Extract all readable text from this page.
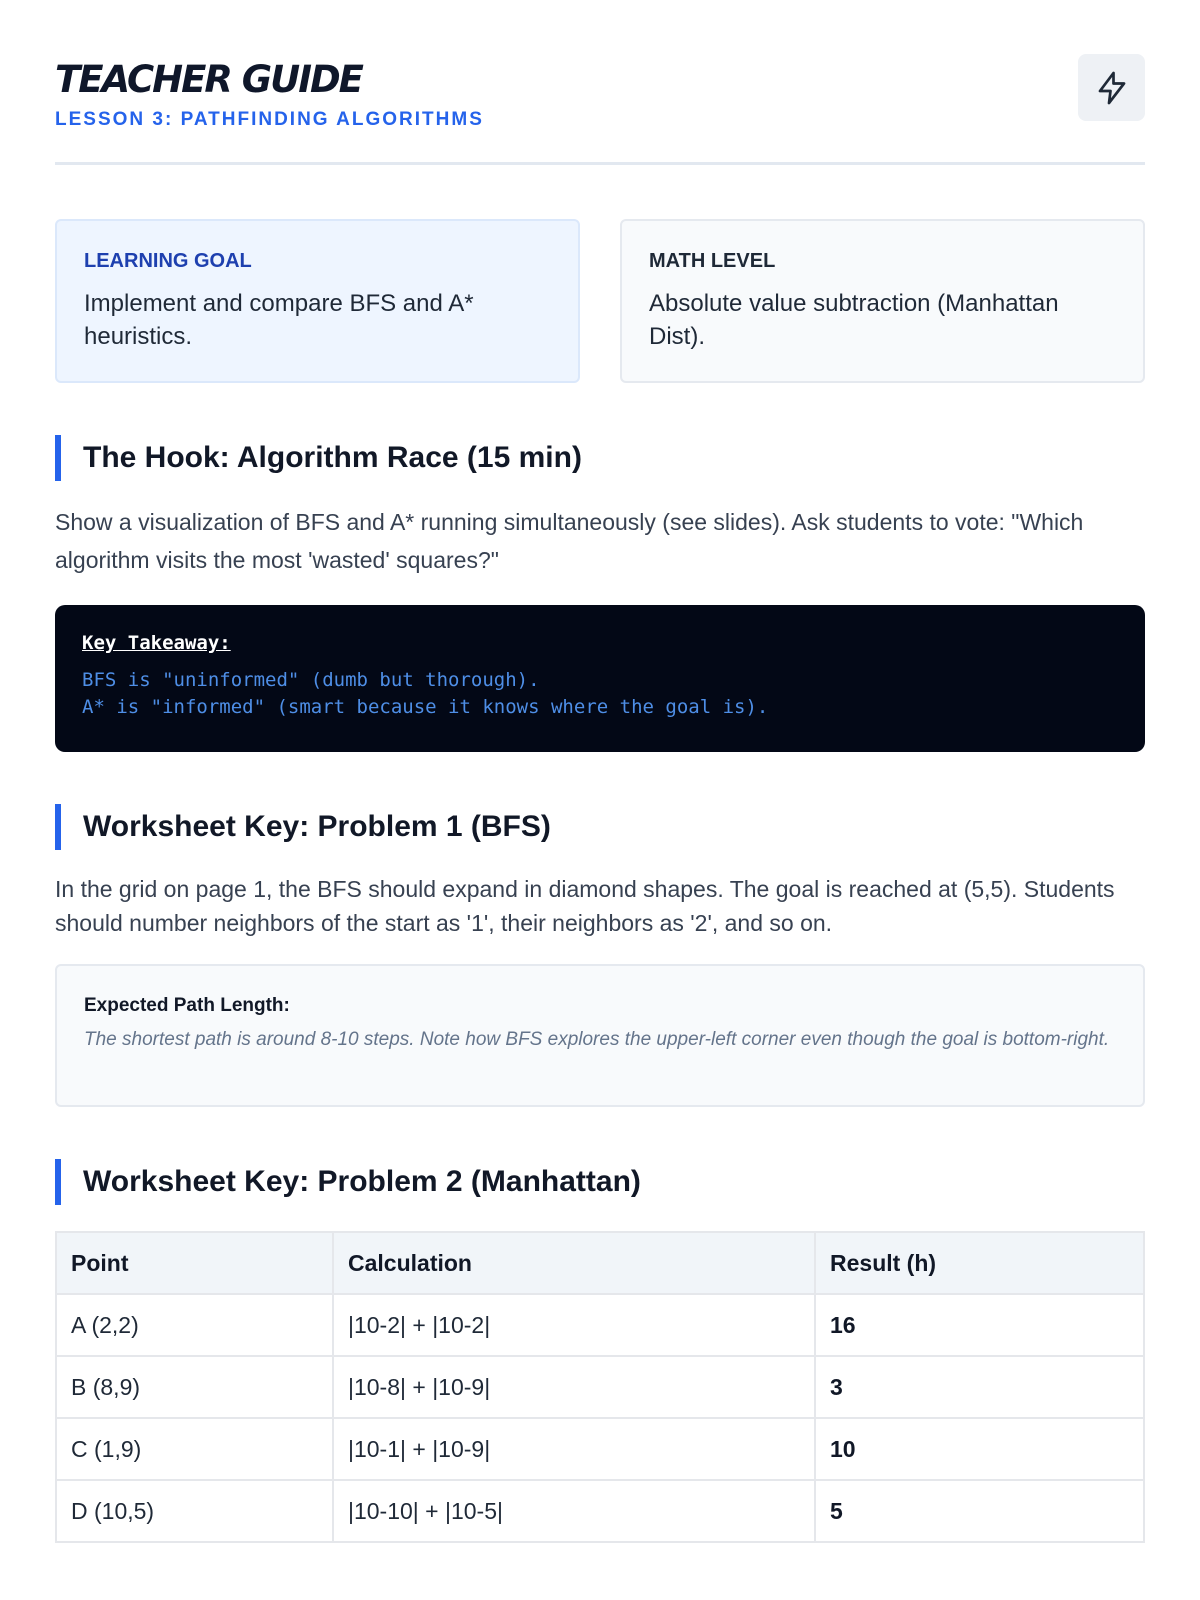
TEACHER GUIDE
LESSON 3: PATHFINDING ALGORITHMS
LEARNING GOAL
Implement and compare BFS and A* heuristics.
MATH LEVEL
Absolute value subtraction (Manhattan Dist).
The Hook: Algorithm Race (15 min)

Show a visualization of BFS and A* running simultaneously (see slides). Ask students to vote: "Which algorithm visits the most 'wasted' squares?"

Key Takeaway:
BFS is "uninformed" (dumb but thorough).
A* is "informed" (smart because it knows where the goal is).
Worksheet Key: Problem 1 (BFS)

In the grid on page 1, the BFS should expand in diamond shapes. The goal is reached at (5,5). Students should number neighbors of the start as '1', their neighbors as '2', and so on.

Expected Path Length:
The shortest path is around 8-10 steps. Note how BFS explores the upper-left corner even though the goal is bottom-right.
Worksheet Key: Problem 2 (Manhattan)
Point	Calculation	Result (h)
A (2,2)	|10-2| + |10-2|	16
B (8,9)	|10-8| + |10-9|	3
C (1,9)	|10-1| + |10-9|	10
D (10,5)	|10-10| + |10-5|	5
